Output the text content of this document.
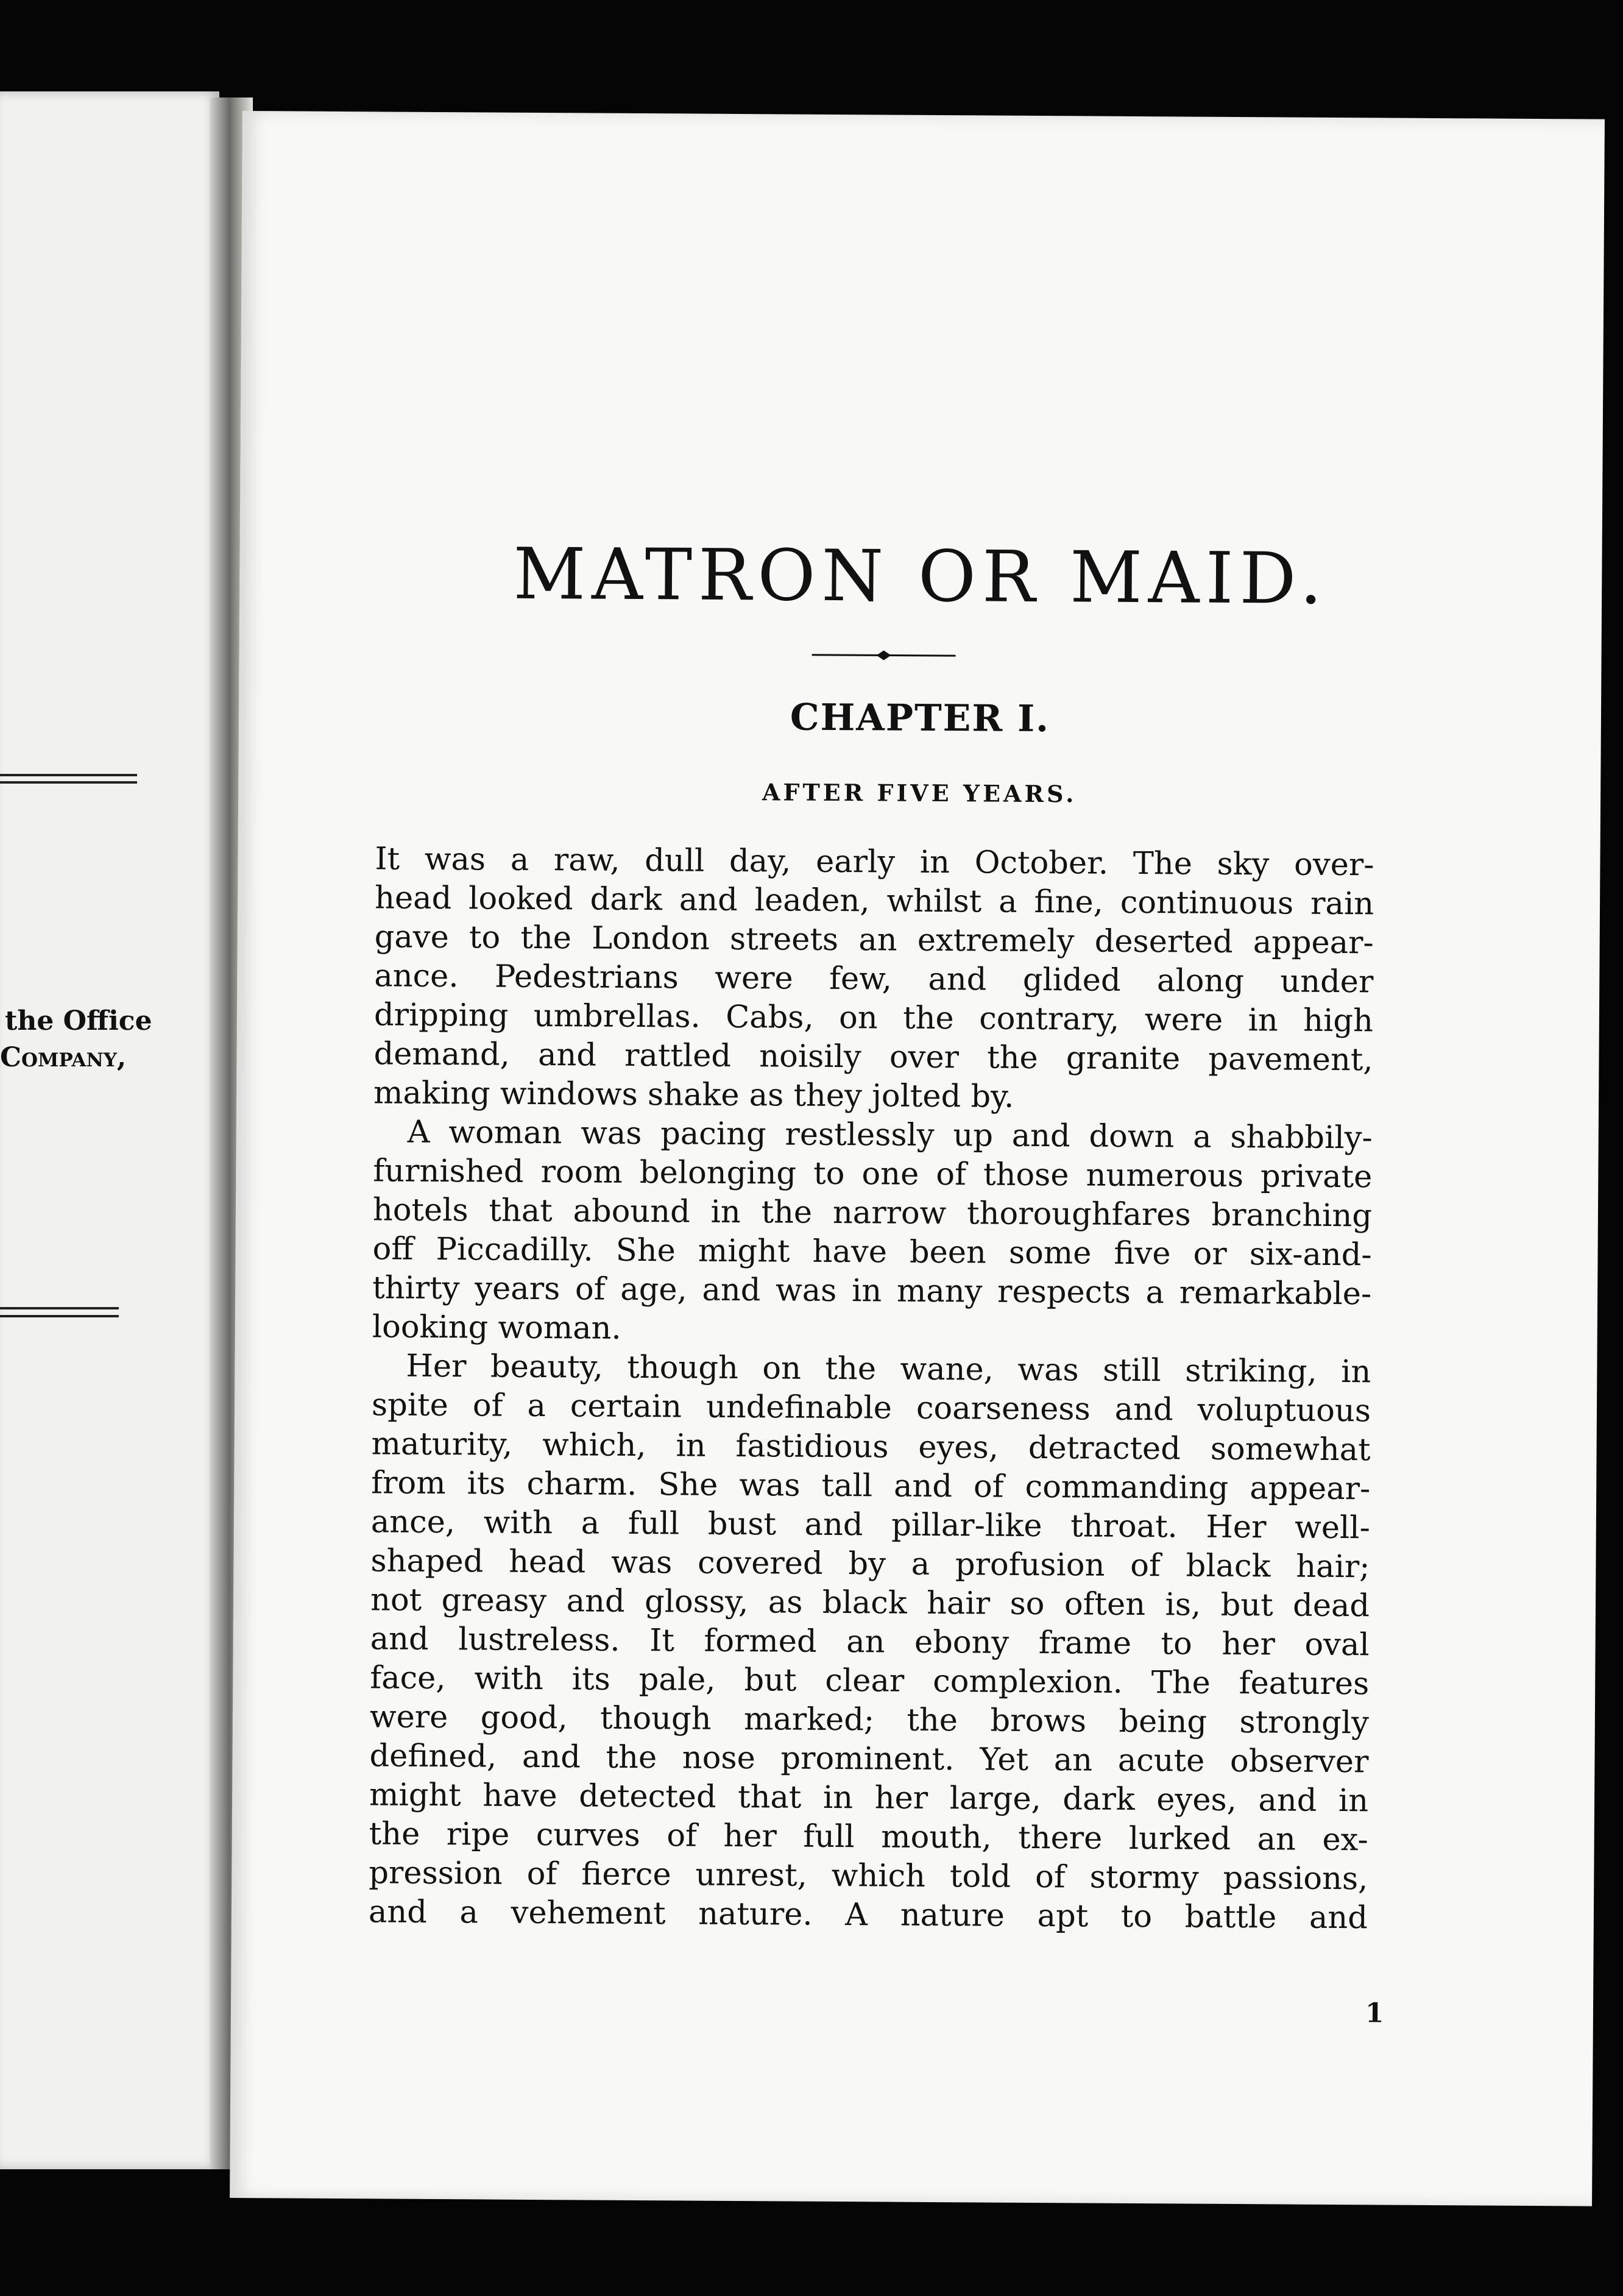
the Office
Company,
MATRON OR MAID.
CHAPTER I.
AFTER FIVE YEARS.

It was a raw, dull day, early in October. The sky over-
head looked dark and leaden, whilst a fine, continuous rain
gave to the London streets an extremely deserted appear-
ance. Pedestrians were few, and glided along under
dripping umbrellas. Cabs, on the contrary, were in high
demand, and rattled noisily over the granite pavement,
making windows shake as they jolted by.

A woman was pacing restlessly up and down a shabbily-
furnished room belonging to one of those numerous private
hotels that abound in the narrow thoroughfares branching
off Piccadilly. She might have been some five or six-and-
thirty years of age, and was in many respects a remarkable-
looking woman.

Her beauty, though on the wane, was still striking, in
spite of a certain undefinable coarseness and voluptuous
maturity, which, in fastidious eyes, detracted somewhat
from its charm. She was tall and of commanding appear-
ance, with a full bust and pillar-like throat. Her well-
shaped head was covered by a profusion of black hair;
not greasy and glossy, as black hair so often is, but dead
and lustreless. It formed an ebony frame to her oval
face, with its pale, but clear complexion. The features
were good, though marked; the brows being strongly
defined, and the nose prominent. Yet an acute observer
might have detected that in her large, dark eyes, and in
the ripe curves of her full mouth, there lurked an ex-
pression of fierce unrest, which told of stormy passions,
and a vehement nature. A nature apt to battle and

1
